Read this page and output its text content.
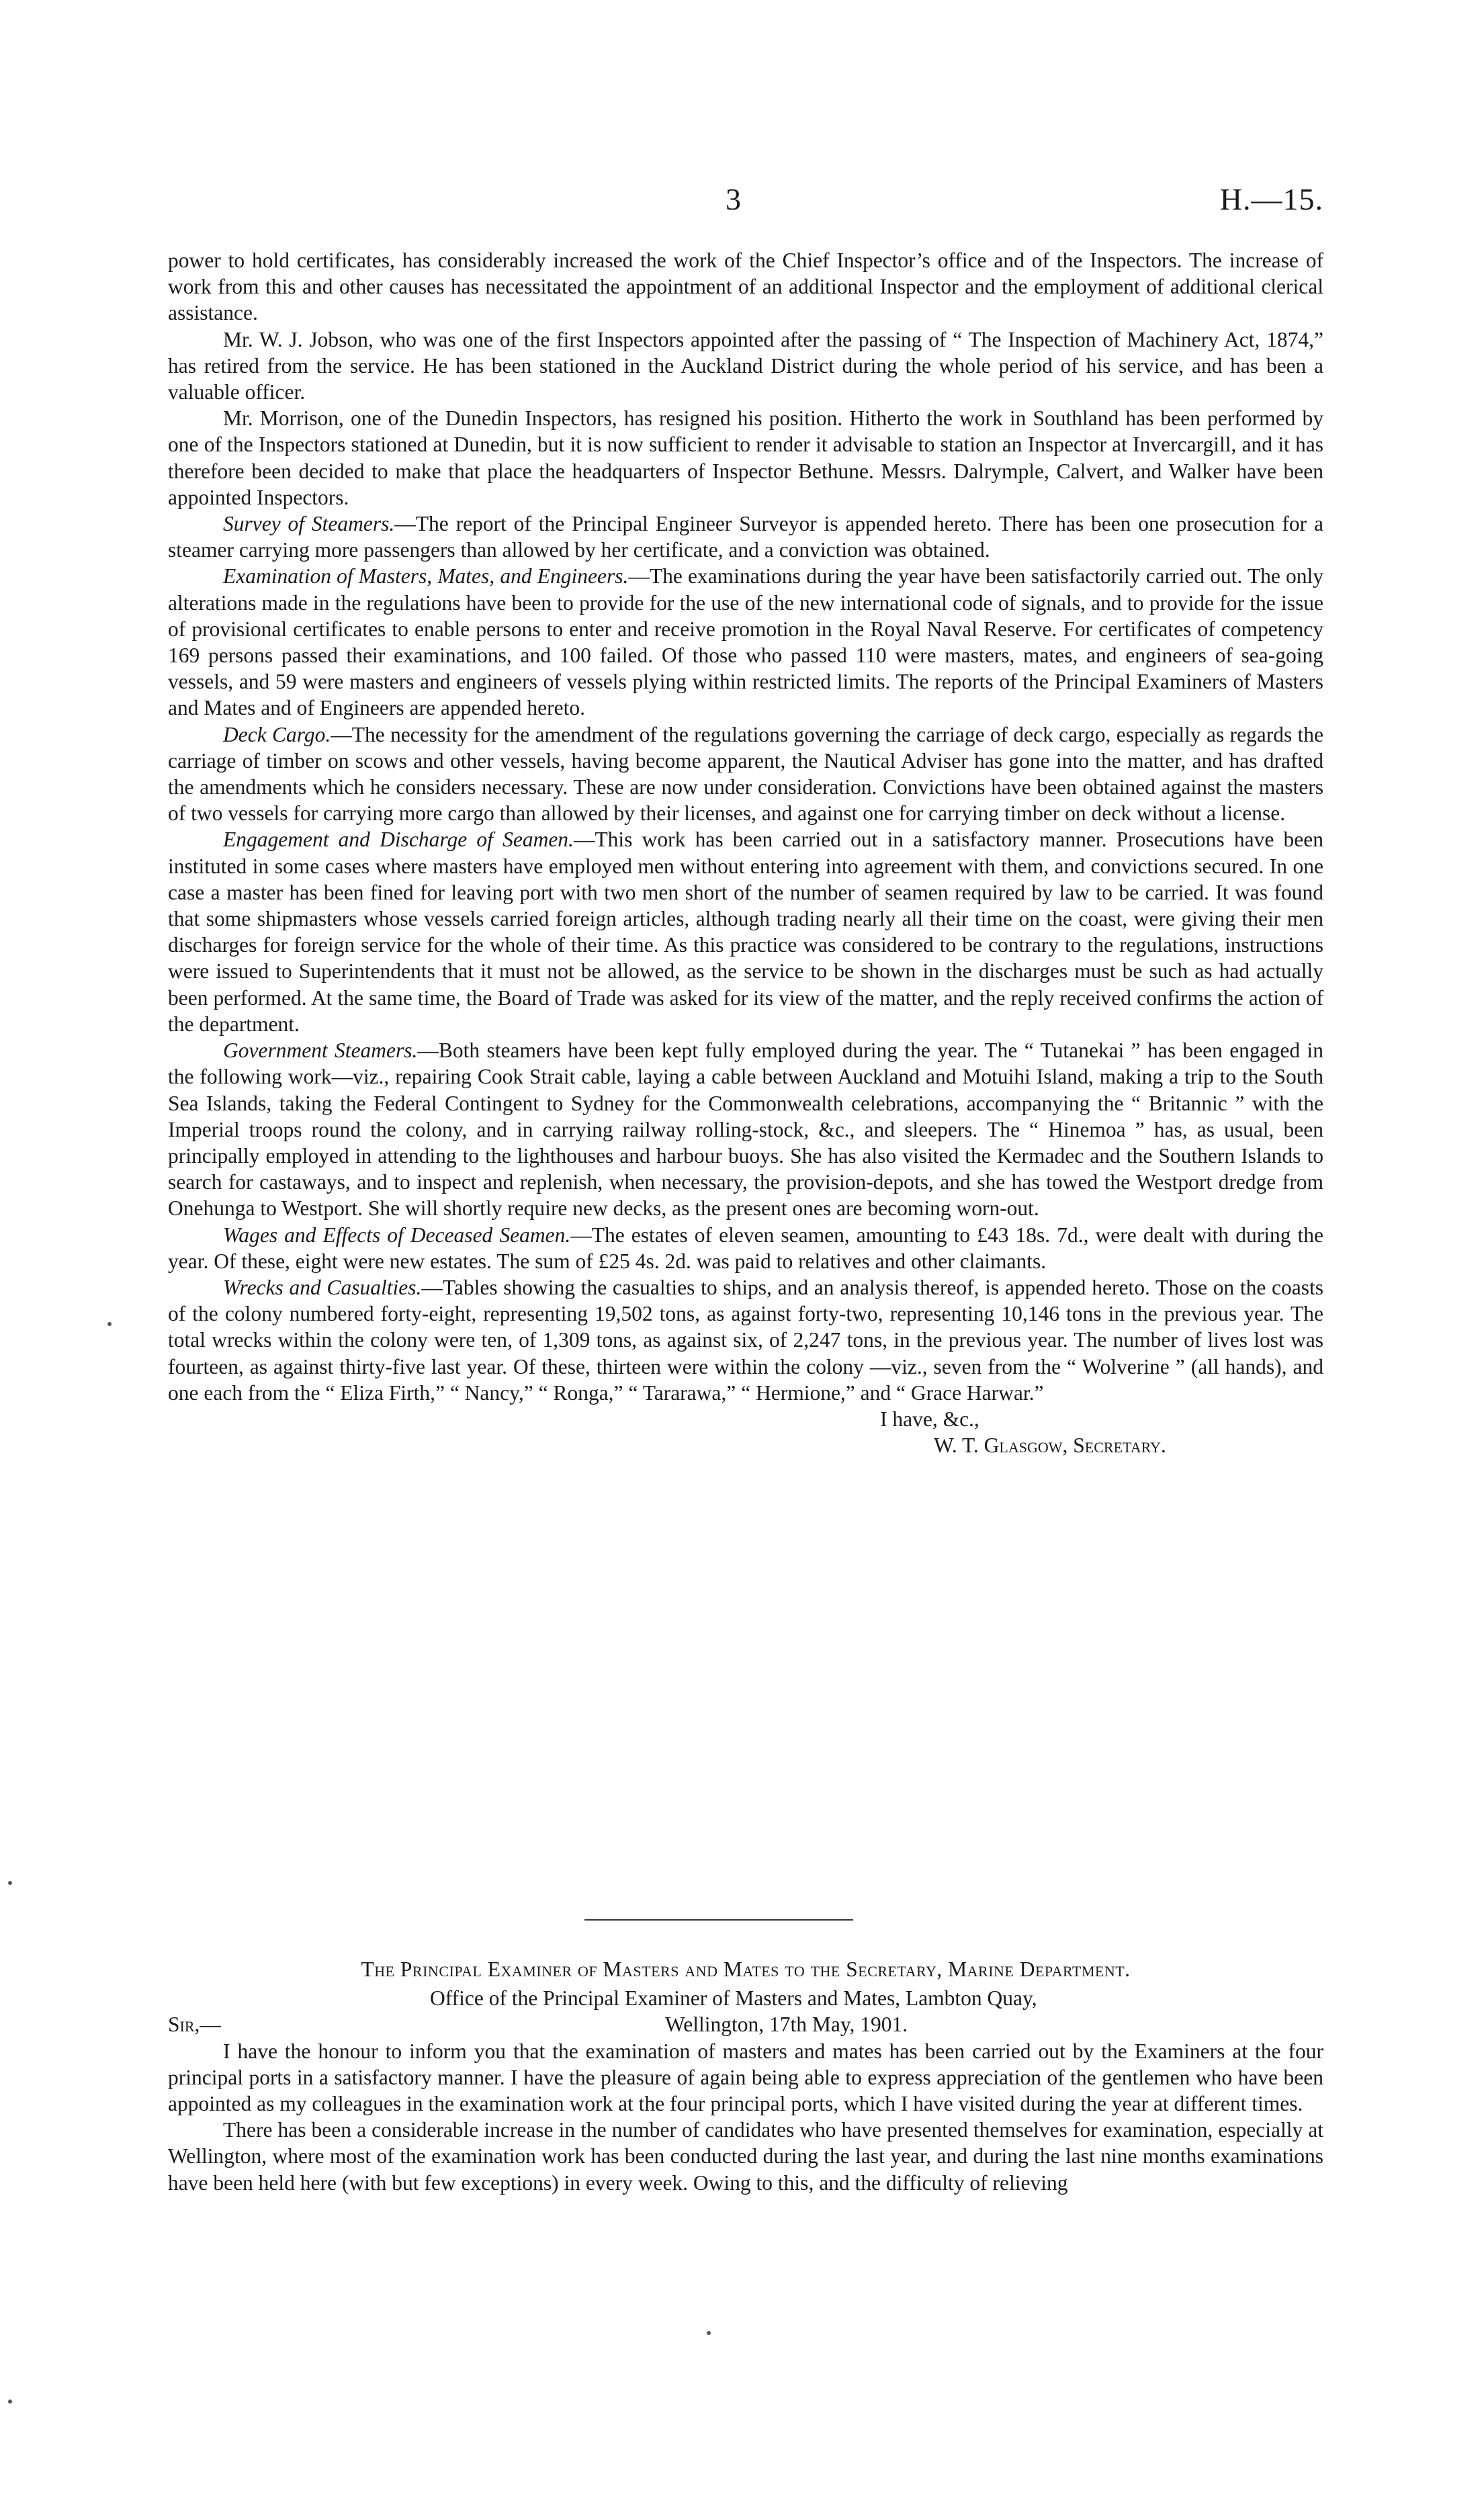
3	H.—15.

power to hold certificates, has considerably increased the work of the Chief Inspector’s office and of the Inspectors. The increase of work from this and other causes has necessitated the appointment of an additional Inspector and the employment of additional clerical assistance.

Mr. W. J. Jobson, who was one of the first Inspectors appointed after the passing of “ The Inspection of Machinery Act, 1874,” has retired from the service. He has been stationed in the Auckland District during the whole period of his service, and has been a valuable officer.

Mr. Morrison, one of the Dunedin Inspectors, has resigned his position. Hitherto the work in Southland has been performed by one of the Inspectors stationed at Dunedin, but it is now sufficient to render it advisable to station an Inspector at Invercargill, and it has therefore been decided to make that place the headquarters of Inspector Bethune. Messrs. Dalrymple, Calvert, and Walker have been appointed Inspectors.

Survey of Steamers.—The report of the Principal Engineer Surveyor is appended hereto. There has been one prosecution for a steamer carrying more passengers than allowed by her certificate, and a conviction was obtained.

Examination of Masters, Mates, and Engineers.—The examinations during the year have been satisfactorily carried out. The only alterations made in the regulations have been to provide for the use of the new international code of signals, and to provide for the issue of provisional certificates to enable persons to enter and receive promotion in the Royal Naval Reserve. For certificates of competency 169 persons passed their examinations, and 100 failed. Of those who passed 110 were masters, mates, and engineers of sea-going vessels, and 59 were masters and engineers of vessels plying within restricted limits. The reports of the Principal Examiners of Masters and Mates and of Engineers are appended hereto.

Deck Cargo.—The necessity for the amendment of the regulations governing the carriage of deck cargo, especially as regards the carriage of timber on scows and other vessels, having become apparent, the Nautical Adviser has gone into the matter, and has drafted the amendments which he considers necessary. These are now under consideration. Convictions have been obtained against the masters of two vessels for carrying more cargo than allowed by their licenses, and against one for carrying timber on deck without a license.

Engagement and Discharge of Seamen.—This work has been carried out in a satisfactory manner. Prosecutions have been instituted in some cases where masters have employed men without entering into agreement with them, and convictions secured. In one case a master has been fined for leaving port with two men short of the number of seamen required by law to be carried. It was found that some shipmasters whose vessels carried foreign articles, although trading nearly all their time on the coast, were giving their men discharges for foreign service for the whole of their time. As this practice was considered to be contrary to the regulations, instructions were issued to Superintendents that it must not be allowed, as the service to be shown in the discharges must be such as had actually been performed. At the same time, the Board of Trade was asked for its view of the matter, and the reply received confirms the action of the department.

Government Steamers.—Both steamers have been kept fully employed during the year. The “ Tutanekai ” has been engaged in the following work—viz., repairing Cook Strait cable, laying a cable between Auckland and Motuihi Island, making a trip to the South Sea Islands, taking the Federal Contingent to Sydney for the Commonwealth celebrations, accompanying the “ Britannic ” with the Imperial troops round the colony, and in carrying railway rolling-stock, &c., and sleepers. The “ Hinemoa ” has, as usual, been principally employed in attending to the lighthouses and harbour buoys. She has also visited the Kermadec and the Southern Islands to search for castaways, and to inspect and replenish, when necessary, the provision-depots, and she has towed the Westport dredge from Onehunga to Westport. She will shortly require new decks, as the present ones are becoming worn-out.

Wages and Effects of Deceased Seamen.—The estates of eleven seamen, amounting to £43 18s. 7d., were dealt with during the year. Of these, eight were new estates. The sum of £25 4s. 2d. was paid to relatives and other claimants.

Wrecks and Casualties.—Tables showing the casualties to ships, and an analysis thereof, is appended hereto. Those on the coasts of the colony numbered forty-eight, representing 19,502 tons, as against forty-two, representing 10,146 tons in the previous year. The total wrecks within the colony were ten, of 1,309 tons, as against six, of 2,247 tons, in the previous year. The number of lives lost was fourteen, as against thirty-five last year. Of these, thirteen were within the colony —viz., seven from the “ Wolverine ” (all hands), and one each from the “ Eliza Firth,” “ Nancy,” “ Ronga,” “ Tararawa,” “ Hermione,” and “ Grace Harwar.”

I have, &c.,

W. T. Glasgow, Secretary.

The Principal Examiner of Masters and Mates to the Secretary, Marine Department.

Office of the Principal Examiner of Masters and Mates, Lambton Quay,

Sir,—	Wellington, 17th May, 1901.

I have the honour to inform you that the examination of masters and mates has been carried out by the Examiners at the four principal ports in a satisfactory manner. I have the pleasure of again being able to express appreciation of the gentlemen who have been appointed as my colleagues in the examination work at the four principal ports, which I have visited during the year at different times.

There has been a considerable increase in the number of candidates who have presented themselves for examination, especially at Wellington, where most of the examination work has been conducted during the last year, and during the last nine months examinations have been held here (with but few exceptions) in every week. Owing to this, and the difficulty of relieving
